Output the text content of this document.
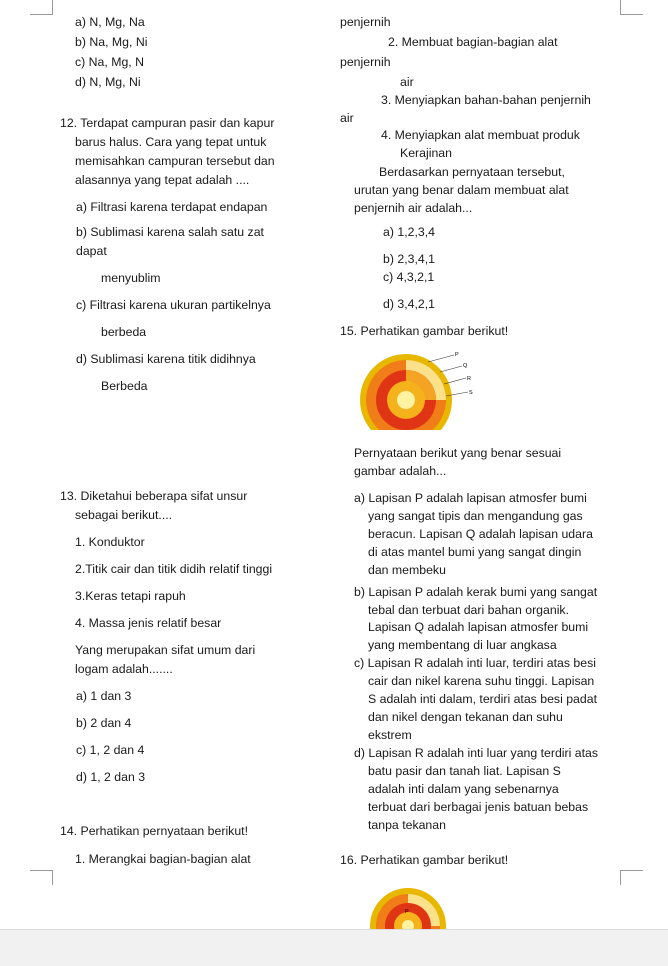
a) N, Mg, Na
b) Na, Mg, Ni
c) Na, Mg, N
d) N, Mg, Ni
12. Terdapat campuran pasir dan kapur
barus halus. Cara yang tepat untuk
memisahkan campuran tersebut dan
alasannya yang tepat adalah ....
a) Filtrasi karena terdapat endapan
b) Sublimasi karena salah satu zat
dapat
menyublim
c) Filtrasi karena ukuran partikelnya
berbeda
d) Sublimasi karena titik didihnya
Berbeda
13. Diketahui beberapa sifat unsur
sebagai berikut....
1. Konduktor
2.Titik cair dan titik didih relatif tinggi
3.Keras tetapi rapuh
4. Massa jenis relatif besar
Yang merupakan sifat umum dari
logam adalah.......
a) 1 dan 3
b) 2 dan 4
c) 1, 2 dan 4
d) 1, 2 dan 3
14. Perhatikan pernyataan berikut!
1. Merangkai bagian-bagian alat
penjernih
2. Membuat bagian-bagian alat
penjernih
air
3. Menyiapkan bahan-bahan penjernih
air
4. Menyiapkan alat membuat produk
Kerajinan
Berdasarkan pernyataan tersebut,
urutan yang benar dalam membuat alat
penjernih air adalah...
a) 1,2,3,4
b) 2,3,4,1
c) 4,3,2,1
d) 3,4,2,1
15. Perhatikan gambar berikut!
P
Q
R
S
Pernyataan berikut yang benar sesuai
gambar adalah...
a) Lapisan P adalah lapisan atmosfer bumi
yang sangat tipis dan mengandung gas
beracun. Lapisan Q adalah lapisan udara
di atas mantel bumi yang sangat dingin
dan membeku
b) Lapisan P adalah kerak bumi yang sangat
tebal dan terbuat dari bahan organik.
Lapisan Q adalah lapisan atmosfer bumi
yang membentang di luar angkasa
c) Lapisan R adalah inti luar, terdiri atas besi
cair dan nikel karena suhu tinggi. Lapisan
S adalah inti dalam, terdiri atas besi padat
dan nikel dengan tekanan dan suhu
ekstrem
d) Lapisan R adalah inti luar yang terdiri atas
batu pasir dan tanah liat. Lapisan S
adalah inti dalam yang sebenarnya
terbuat dari berbagai jenis batuan bebas
tanpa tekanan
16. Perhatikan gambar berikut!
P
